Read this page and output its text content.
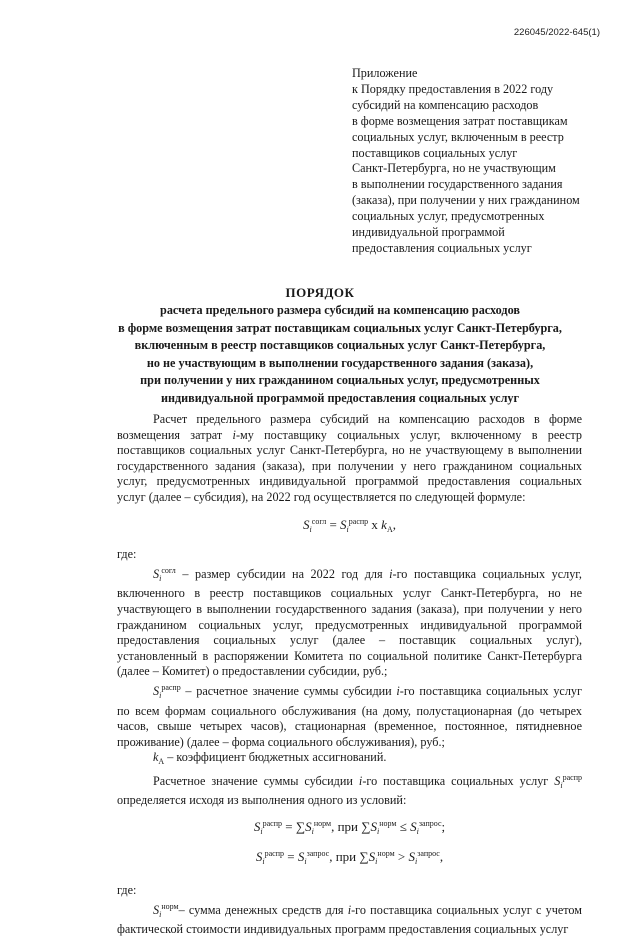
226045/2022-645(1)
Приложение
к Порядку предоставления в 2022 году
субсидий на компенсацию расходов
в форме возмещения затрат поставщикам
социальных услуг, включенным в реестр
поставщиков социальных услуг
Санкт-Петербурга, но не участвующим
в выполнении государственного задания
(заказа), при получении у них гражданином
социальных услуг, предусмотренных
индивидуальной программой
предоставления социальных услуг
ПОРЯДОК
расчета предельного размера субсидий на компенсацию расходов
в форме возмещения затрат поставщикам социальных услуг Санкт-Петербурга,
включенным в реестр поставщиков социальных услуг Санкт-Петербурга,
но не участвующим в выполнении государственного задания (заказа),
при получении у них гражданином социальных услуг, предусмотренных
индивидуальной программой предоставления социальных услуг

Расчет предельного размера субсидий на компенсацию расходов в форме возмещения затрат i-му поставщику социальных услуг, включенному в реестр поставщиков социальных услуг Санкт-Петербурга, но не участвующему в выполнении государственного задания (заказа), при получении у него гражданином социальных услуг, предусмотренных индивидуальной программой предоставления социальных услуг (далее – субсидия), на 2022 год осуществляется по следующей формуле:

$S_i^{согл} = S_i^{распр}$ х $k_A$,

где:

$S_i^{согл}$ – размер субсидии на 2022 год для i-го поставщика социальных услуг, включенного в реестр поставщиков социальных услуг Санкт-Петербурга, но не участвующего в выполнении государственного задания (заказа), при получении у него гражданином социальных услуг, предусмотренных индивидуальной программой предоставления социальных услуг (далее – поставщик социальных услуг), установленный в распоряжении Комитета по социальной политике Санкт-Петербурга (далее – Комитет) о предоставлении субсидии, руб.;

$S_i^{распр}$ – расчетное значение суммы субсидии i-го поставщика социальных услуг по всем формам социального обслуживания (на дому, полустационарная (до четырех часов, свыше четырех часов), стационарная (временное, постоянное, пятидневное проживание) (далее – форма социального обслуживания), руб.;

$k_A$ – коэффициент бюджетных ассигнований.

Расчетное значение суммы субсидии i-го поставщика социальных услуг $S_i^{распр}$ определяется исходя из выполнения одного из условий:

$S_i^{распр} = \sum S_i^{норм}$, при $\sum S_i^{норм} \le S_i^{запрос}$;
$S_i^{распр} = S_i^{запрос}$, при $\sum S_i^{норм} > S_i^{запрос}$,

где:

$S_i^{норм}-$ сумма денежных средств для i-го поставщика социальных услуг с учетом фактической стоимости индивидуальных программ предоставления социальных услуг
